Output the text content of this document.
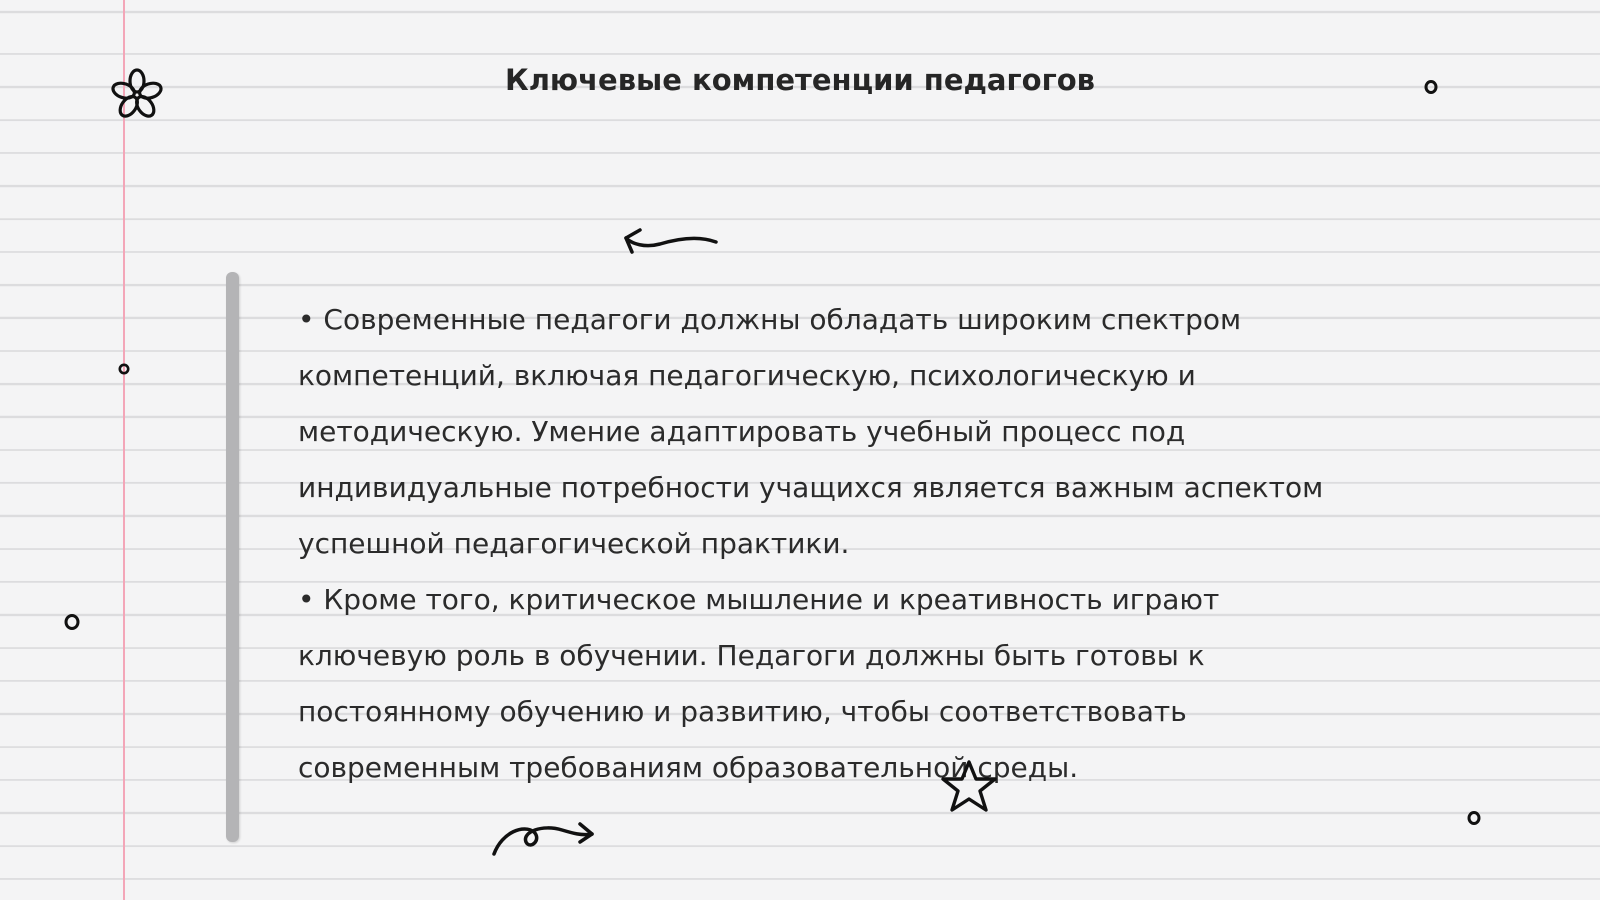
Ключевые компетенции педагогов

• Современные педагоги должны обладать широким спектром компетенций, включая педагогическую, психологическую и методическую. Умение адаптировать учебный процесс под индивидуальные потребности учащихся является важным аспектом успешной педагогической практики.

• Кроме того, критическое мышление и креативность играют ключевую роль в обучении. Педагоги должны быть готовы к постоянному обучению и развитию, чтобы соответствовать современным требованиям образовательной среды.
